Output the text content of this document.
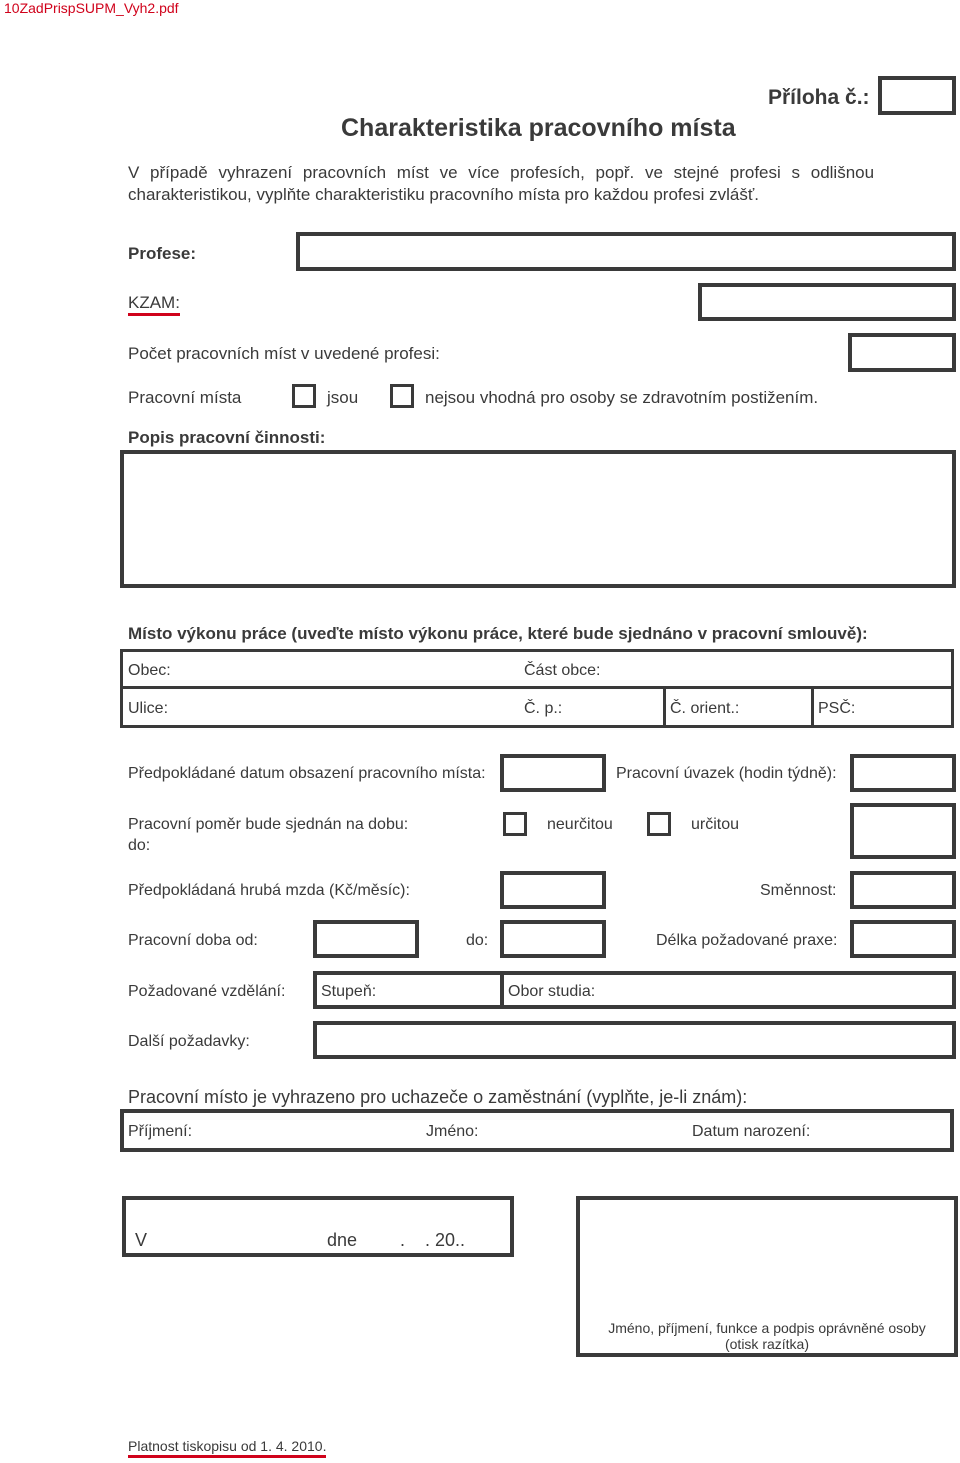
10ZadPrispSUPM_Vyh2.pdf
Příloha č.:
Charakteristika pracovního místa
V případě vyhrazení pracovních míst ve více profesích, popř. ve stejné profesi s odlišnou
charakteristikou, vyplňte charakteristiku pracovního místa pro každou profesi zvlášť.
Profese:
KZAM:
Počet pracovních míst v uvedené profesi:
Pracovní místa	jsou	nejsou vhodná pro osoby se zdravotním postižením.
Popis pracovní činnosti:
Místo výkonu práce (uveďte místo výkonu práce, které bude sjednáno v pracovní smlouvě):
Obec:	Část obce:
Ulice:	Č. p.:	Č. orient.:	PSČ:
Předpokládané datum obsazení pracovního místa:	Pracovní úvazek (hodin týdně):
Pracovní poměr bude sjednán na dobu:
do:
neurčitou	určitou
Předpokládaná hrubá mzda (Kč/měsíc):	Směnnost:
Pracovní doba od:	do:	Délka požadované praxe:
Požadované vzdělání: Stupeň:	Obor studia:
Další požadavky:
Pracovní místo je vyhrazeno pro uchazeče o zaměstnání (vyplňte, je-li znám):
Příjmení:	Jméno:	Datum narození:
V	dne .    . 20..
Jméno, příjmení, funkce a podpis oprávněné osoby
(otisk razítka)
Platnost tiskopisu od 1. 4. 2010.
